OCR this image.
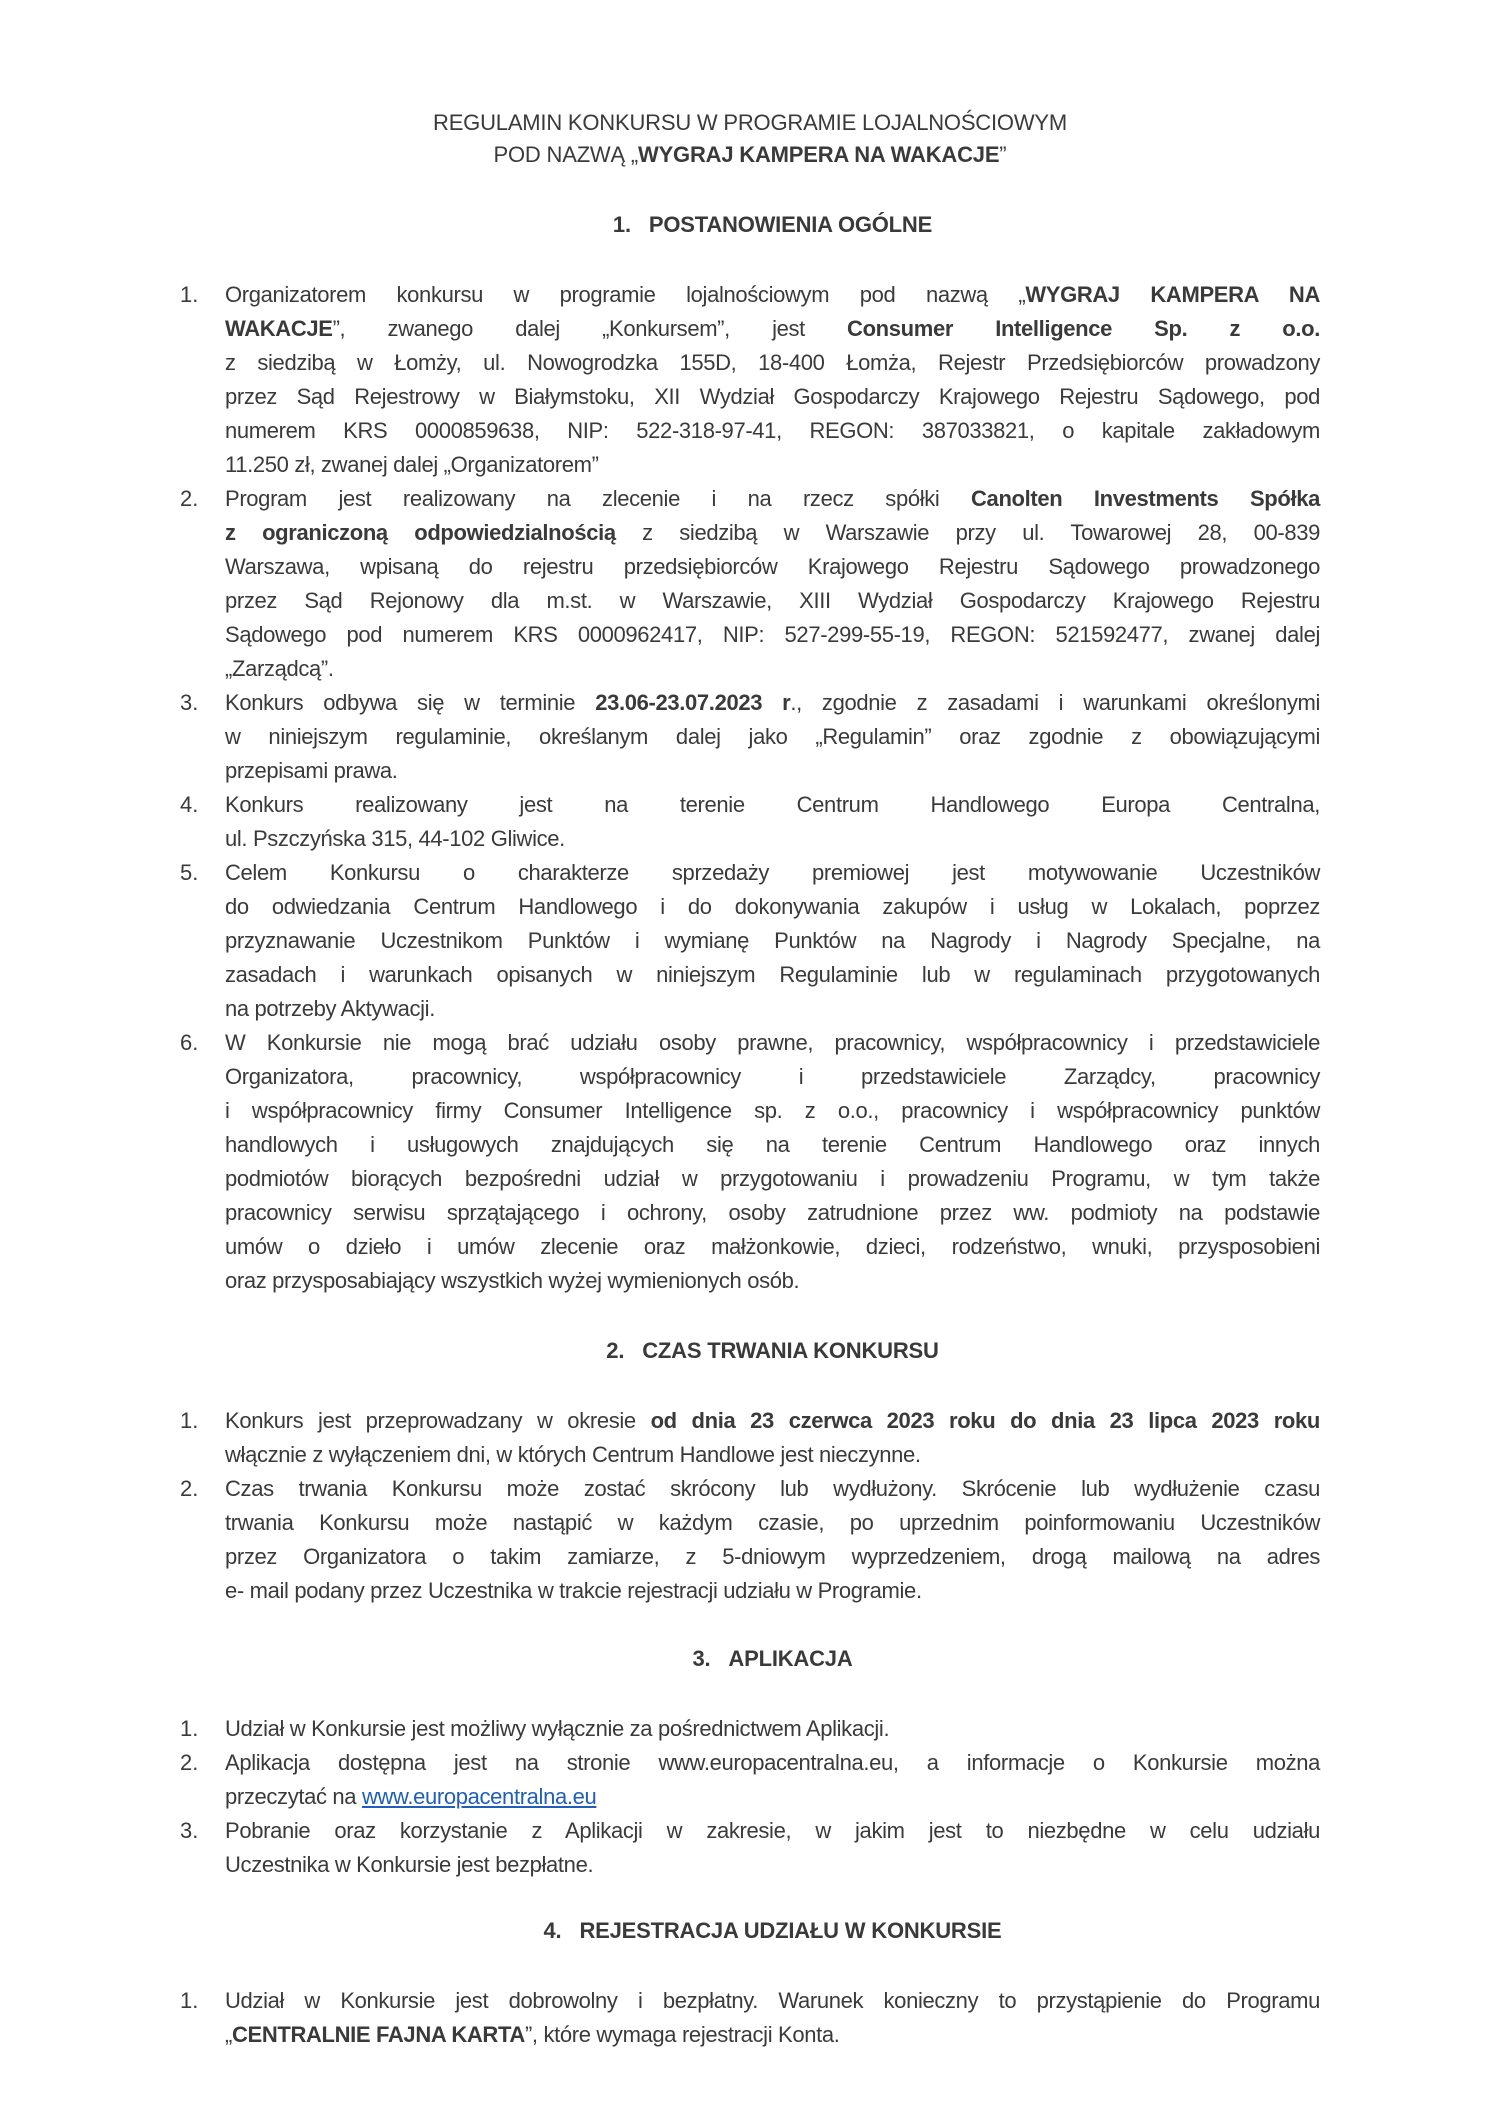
REGULAMIN KONKURSU W PROGRAMIE LOJALNOŚCIOWYM
POD NAZWĄ „WYGRAJ KAMPERA NA WAKACJE”
1. POSTANOWIENIA OGÓLNE
1.	Organizatorem konkursu w programie lojalnościowym pod nazwą „WYGRAJ KAMPERA NA
WAKACJE”, zwanego dalej „Konkursem”, jest Consumer Intelligence Sp. z o.o.
z siedzibą w Łomży, ul. Nowogrodzka 155D, 18-400 Łomża, Rejestr Przedsiębiorców prowadzony
przez Sąd Rejestrowy w Białymstoku, XII Wydział Gospodarczy Krajowego Rejestru Sądowego, pod
numerem KRS 0000859638, NIP: 522-318-97-41, REGON: 387033821, o kapitale zakładowym
11.250 zł, zwanej dalej „Organizatorem”
2.	Program jest realizowany na zlecenie i na rzecz spółki Canolten Investments Spółka
z ograniczoną odpowiedzialnością z siedzibą w Warszawie przy ul. Towarowej 28, 00-839
Warszawa, wpisaną do rejestru przedsiębiorców Krajowego Rejestru Sądowego prowadzonego
przez Sąd Rejonowy dla m.st. w Warszawie, XIII Wydział Gospodarczy Krajowego Rejestru
Sądowego pod numerem KRS 0000962417, NIP: 527-299-55-19, REGON: 521592477, zwanej dalej
„Zarządcą”.
3.	Konkurs odbywa się w terminie 23.06-23.07.2023 r., zgodnie z zasadami i warunkami określonymi
w niniejszym regulaminie, określanym dalej jako „Regulamin” oraz zgodnie z obowiązującymi
przepisami prawa.
4.	Konkurs realizowany jest na terenie Centrum Handlowego Europa Centralna,
ul. Pszczyńska 315, 44-102 Gliwice.
5.	Celem Konkursu o charakterze sprzedaży premiowej jest motywowanie Uczestników
do odwiedzania Centrum Handlowego i do dokonywania zakupów i usług w Lokalach, poprzez
przyznawanie Uczestnikom Punktów i wymianę Punktów na Nagrody i Nagrody Specjalne, na
zasadach i warunkach opisanych w niniejszym Regulaminie lub w regulaminach przygotowanych
na potrzeby Aktywacji.
6.	W Konkursie nie mogą brać udziału osoby prawne, pracownicy, współpracownicy i przedstawiciele
Organizatora, pracownicy, współpracownicy i przedstawiciele Zarządcy, pracownicy
i współpracownicy firmy Consumer Intelligence sp. z o.o., pracownicy i współpracownicy punktów
handlowych i usługowych znajdujących się na terenie Centrum Handlowego oraz innych
podmiotów biorących bezpośredni udział w przygotowaniu i prowadzeniu Programu, w tym także
pracownicy serwisu sprzątającego i ochrony, osoby zatrudnione przez ww. podmioty na podstawie
umów o dzieło i umów zlecenie oraz małżonkowie, dzieci, rodzeństwo, wnuki, przysposobieni
oraz przysposabiający wszystkich wyżej wymienionych osób.
2. CZAS TRWANIA KONKURSU
1.	Konkurs jest przeprowadzany w okresie od dnia 23 czerwca 2023 roku do dnia 23 lipca 2023 roku
włącznie z wyłączeniem dni, w których Centrum Handlowe jest nieczynne.
2.	Czas trwania Konkursu może zostać skrócony lub wydłużony. Skrócenie lub wydłużenie czasu
trwania Konkursu może nastąpić w każdym czasie, po uprzednim poinformowaniu Uczestników
przez Organizatora o takim zamiarze, z 5-dniowym wyprzedzeniem, drogą mailową na adres
e- mail podany przez Uczestnika w trakcie rejestracji udziału w Programie.
3. APLIKACJA
1.	Udział w Konkursie jest możliwy wyłącznie za pośrednictwem Aplikacji.
2.	Aplikacja dostępna jest na stronie www.europacentralna.eu, a informacje o Konkursie można
przeczytać na www.europacentralna.eu
3.	Pobranie oraz korzystanie z Aplikacji w zakresie, w jakim jest to niezbędne w celu udziału
Uczestnika w Konkursie jest bezpłatne.
4. REJESTRACJA UDZIAŁU W KONKURSIE
1.	Udział w Konkursie jest dobrowolny i bezpłatny. Warunek konieczny to przystąpienie do Programu
„CENTRALNIE FAJNA KARTA”, które wymaga rejestracji Konta.
